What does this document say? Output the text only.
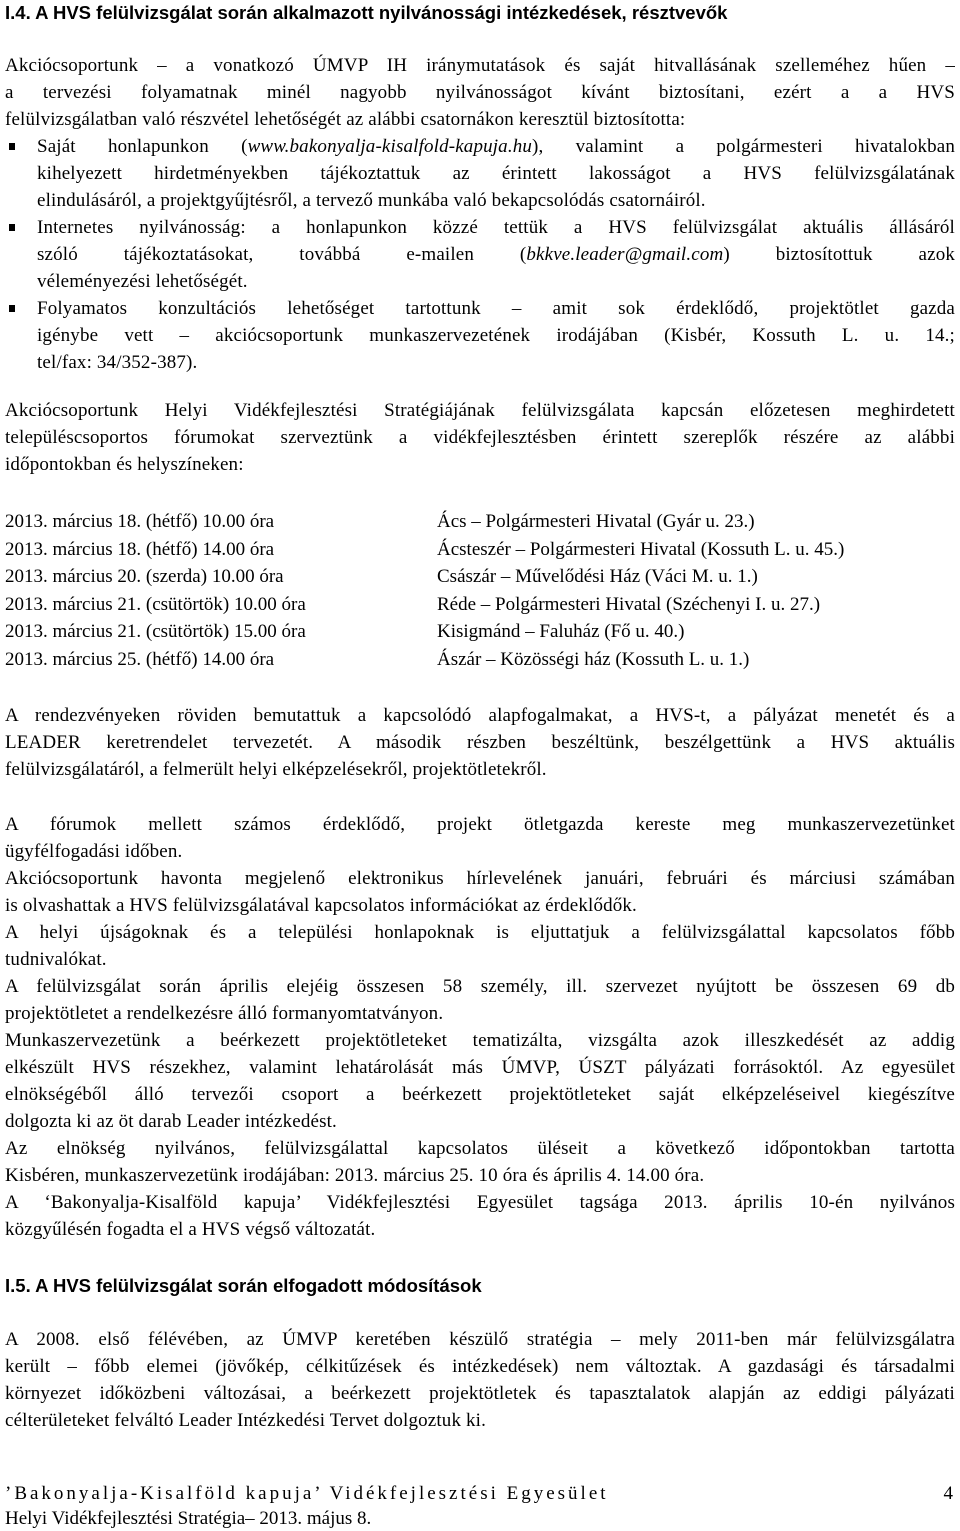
I.4. A HVS felülvizsgálat során alkalmazott nyilvánossági intézkedések, résztvevők
Akciócsoportunk – a vonatkozó ÚMVP IH iránymutatások és saját hitvallásának szelleméhez hűen –
a tervezési folyamatnak minél nagyobb nyilvánosságot kívánt biztosítani, ezért a a HVS
felülvizsgálatban való részvétel lehetőségét az alábbi csatornákon keresztül biztosította:
Saját honlapunkon (www.bakonyalja-kisalfold-kapuja.hu), valamint a polgármesteri hivatalokban
kihelyezett hirdetményekben tájékoztattuk az érintett lakosságot a HVS felülvizsgálatának
elindulásáról, a projektgyűjtésről, a tervező munkába való bekapcsolódás csatornáiról.
Internetes nyilvánosság: a honlapunkon közzé tettük a HVS felülvizsgálat aktuális állásáról
szóló tájékoztatásokat, továbbá e-mailen (bkkve.leader@gmail.com) biztosítottuk azok
véleményezési lehetőségét.
Folyamatos konzultációs lehetőséget tartottunk – amit sok érdeklődő, projektötlet gazda
igénybe vett – akciócsoportunk munkaszervezetének irodájában (Kisbér, Kossuth L. u. 14.;
tel/fax: 34/352-387).
Akciócsoportunk Helyi Vidékfejlesztési Stratégiájának felülvizsgálata kapcsán előzetesen meghirdetett
településcsoportos fórumokat szerveztünk a vidékfejlesztésben érintett szereplők részére az alábbi
időpontokban és helyszíneken:
2013. március 18. (hétfő) 10.00 óra	Ács – Polgármesteri Hivatal (Gyár u. 23.)
2013. március 18. (hétfő) 14.00 óra	Ácsteszér – Polgármesteri Hivatal (Kossuth L. u. 45.)
2013. március 20. (szerda) 10.00 óra	Császár – Művelődési Ház (Váci M. u. 1.)
2013. március 21. (csütörtök) 10.00 óra	Réde – Polgármesteri Hivatal (Széchenyi I. u. 27.)
2013. március 21. (csütörtök) 15.00 óra	Kisigmánd – Faluház (Fő u. 40.)
2013. március 25. (hétfő) 14.00 óra	Ászár – Közösségi ház (Kossuth L. u. 1.)
A rendezvényeken röviden bemutattuk a kapcsolódó alapfogalmakat, a HVS-t, a pályázat menetét és a
LEADER keretrendelet tervezetét. A második részben beszéltünk, beszélgettünk a HVS aktuális
felülvizsgálatáról, a felmerült helyi elképzelésekről, projektötletekről.
A fórumok mellett számos érdeklődő, projekt ötletgazda kereste meg munkaszervezetünket
ügyfélfogadási időben.
Akciócsoportunk havonta megjelenő elektronikus hírlevelének januári, februári és márciusi számában
is olvashattak a HVS felülvizsgálatával kapcsolatos információkat az érdeklődők.
A helyi újságoknak és a települési honlapoknak is eljuttatjuk a felülvizsgálattal kapcsolatos főbb
tudnivalókat.
A felülvizsgálat során április elejéig összesen 58 személy, ill. szervezet nyújtott be összesen 69 db
projektötletet a rendelkezésre álló formanyomtatványon.
Munkaszervezetünk a beérkezett projektötleteket tematizálta, vizsgálta azok illeszkedését az addig
elkészült HVS részekhez, valamint lehatárolását más ÚMVP, ÚSZT pályázati forrásoktól. Az egyesület
elnökségéből álló tervezői csoport a beérkezett projektötleteket saját elképzeléseivel kiegészítve
dolgozta ki az öt darab Leader intézkedést.
Az elnökség nyilvános, felülvizsgálattal kapcsolatos üléseit a következő időpontokban tartotta
Kisbéren, munkaszervezetünk irodájában: 2013. március 25. 10 óra és április 4. 14.00 óra.
A ‘Bakonyalja-Kisalföld kapuja’ Vidékfejlesztési Egyesület tagsága 2013. április 10-én nyilvános
közgyűlésén fogadta el a HVS végső változatát.
I.5. A HVS felülvizsgálat során elfogadott módosítások
A 2008. első félévében, az ÚMVP keretében készülő stratégia – mely 2011-ben már felülvizsgálatra
került – főbb elemei (jövőkép, célkitűzések és intézkedések) nem változtak. A gazdasági és társadalmi
környezet időközbeni változásai, a beérkezett projektötletek és tapasztalatok alapján az eddigi pályázati
célterületeket felváltó Leader Intézkedési Tervet dolgoztuk ki.
’Bakonyalja-Kisalföld kapuja’ Vidékfejlesztési Egyesület	4
Helyi Vidékfejlesztési Stratégia– 2013. május 8.
